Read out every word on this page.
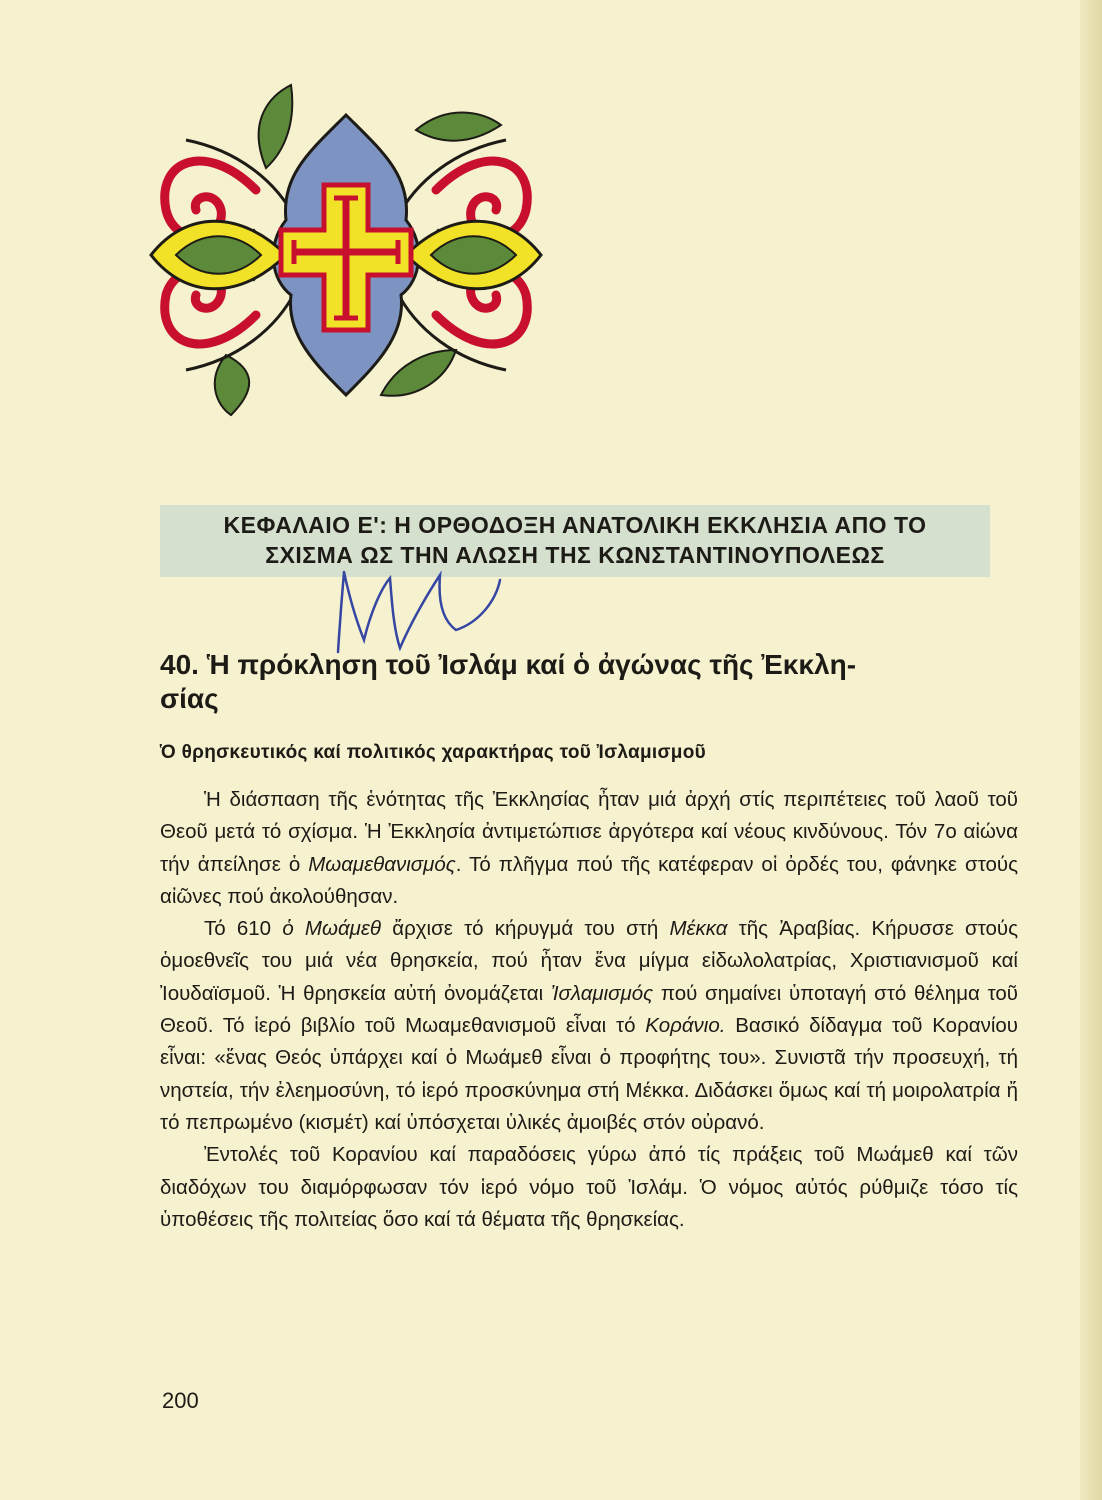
ΚΕΦΑΛΑΙΟ Ε': Η ΟΡΘΟΔΟΞΗ ΑΝΑΤΟΛΙΚΗ ΕΚΚΛΗΣΙΑ ΑΠΟ ΤΟ
ΣΧΙΣΜΑ ΩΣ ΤΗΝ ΑΛΩΣΗ ΤΗΣ ΚΩΝΣΤΑΝΤΙΝΟΥΠΟΛΕΩΣ
40. Ἡ πρόκληση τοῦ Ἰσλάμ καί ὁ ἀγώνας τῆς Ἐκκλη-
σίας
Ὁ θρησκευτικός καί πολιτικός χαρακτήρας τοῦ Ἰσλαμισμοῦ

Ἡ διάσπαση τῆς ἑνότητας τῆς Ἐκκλησίας ἦταν μιά ἀρχή στίς περιπέτειες τοῦ λαοῦ τοῦ Θεοῦ μετά τό σχίσμα. Ἡ Ἐκκλησία ἀντιμετώπισε ἀργότερα καί νέους κινδύνους. Τόν 7ο αἰώνα τήν ἀπείλησε ὁ Μωαμεθανισμός. Τό πλῆγμα πού τῆς κατέφεραν οἱ ὀρδές του, φάνηκε στούς αἰῶνες πού ἀκολούθησαν.

Τό 610 ὁ Μωάμεθ ἄρχισε τό κήρυγμά του στή Μέκκα τῆς Ἀραβίας. Κήρυσσε στούς ὁμοεθνεῖς του μιά νέα θρησκεία, πού ἦταν ἕνα μίγμα εἰδωλολατρίας, Χριστιανισμοῦ καί Ἰουδαϊσμοῦ. Ἡ θρησκεία αὐτή ὀνομάζεται Ἰσλαμισμός πού σημαίνει ὑποταγή στό θέλημα τοῦ Θεοῦ. Τό ἱερό βιβλίο τοῦ Μωαμεθανισμοῦ εἶναι τό Κοράνιο. Βασικό δίδαγμα τοῦ Κορανίου εἶναι: «ἕνας Θεός ὑπάρχει καί ὁ Μωάμεθ εἶναι ὁ προφήτης του». Συνιστᾶ τήν προσευχή, τή νηστεία, τήν ἐλεημοσύνη, τό ἱερό προσκύνημα στή Μέκκα. Διδάσκει ὅμως καί τή μοιρολατρία ἤ τό πεπρωμένο (κισμέτ) καί ὑπόσχεται ὑλικές ἀμοιβές στόν οὐρανό.

Ἐντολές τοῦ Κορανίου καί παραδόσεις γύρω ἀπό τίς πράξεις τοῦ Μωάμεθ καί τῶν διαδόχων του διαμόρφωσαν τόν ἱερό νόμο τοῦ Ἰσλάμ. Ὁ νόμος αὐτός ρύθμιζε τόσο τίς ὑποθέσεις τῆς πολιτείας ὅσο καί τά θέματα τῆς θρησκείας.

200
